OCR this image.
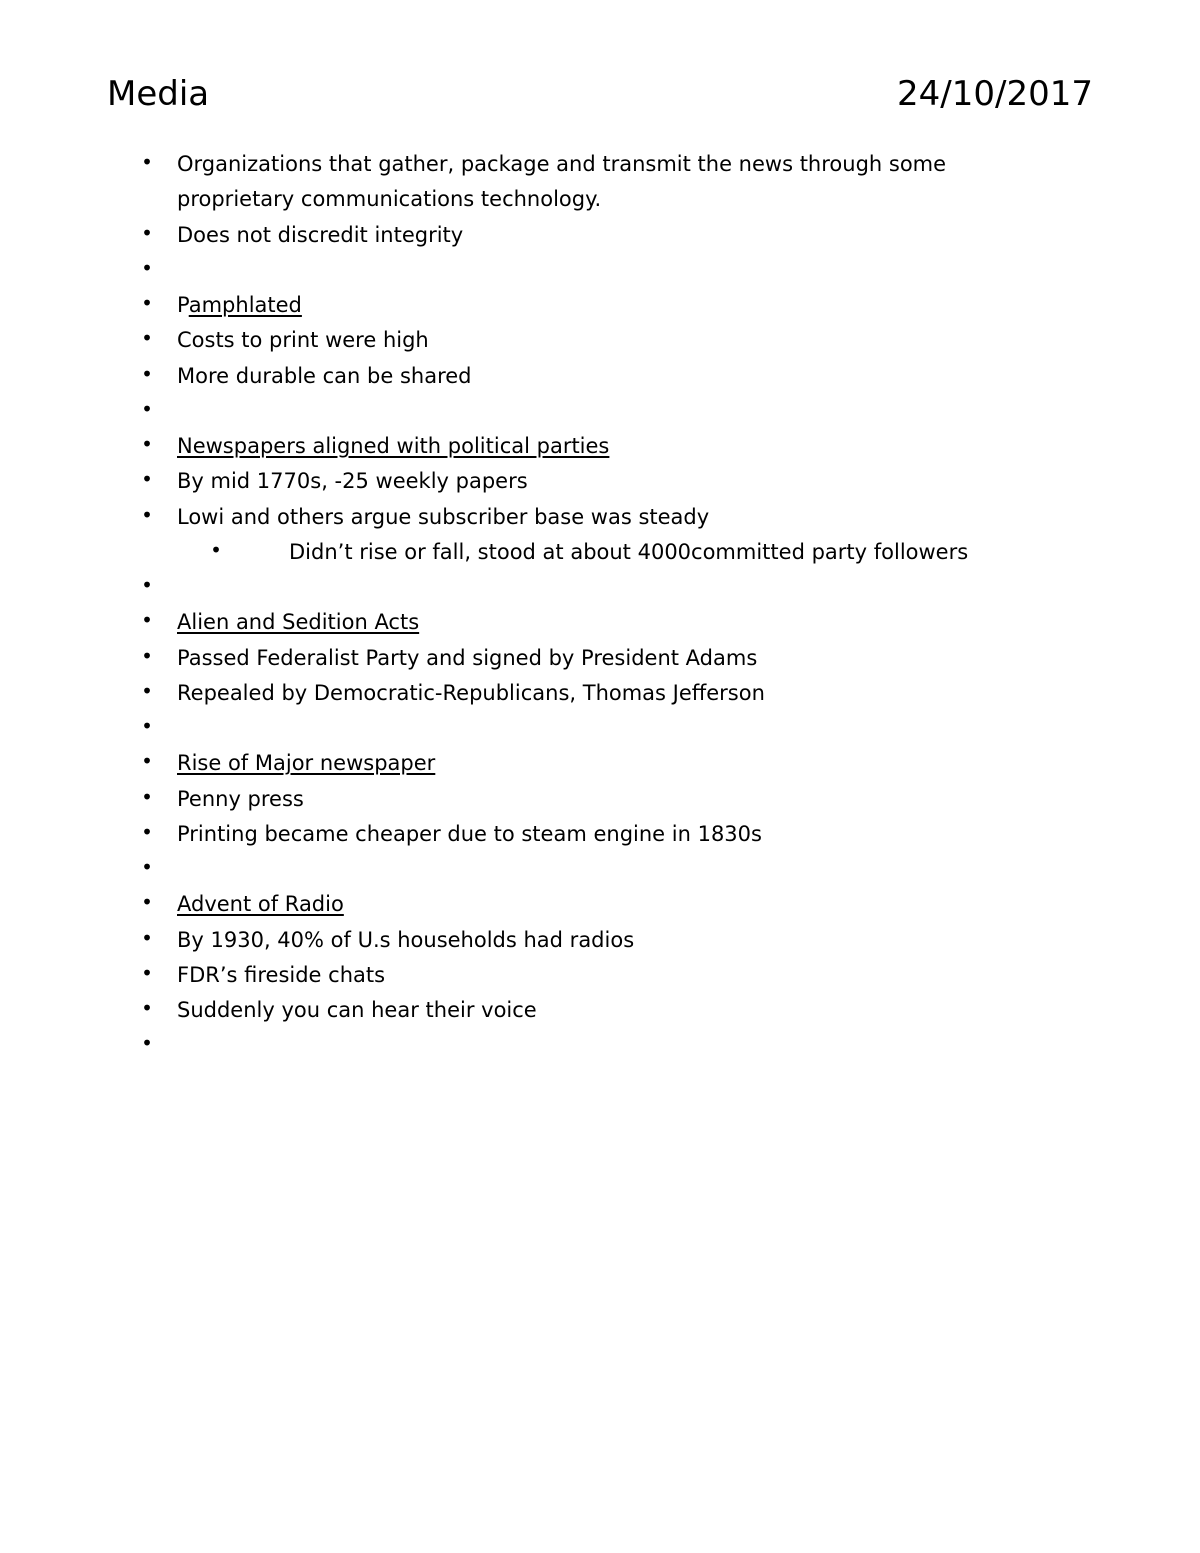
Media	24/10/2017
• Organizations that gather, package and transmit the news through some proprietary communications technology.
• Does not discredit integrity
•
• Pamphlated
• Costs to print were high
• More durable can be shared
•
• Newspapers aligned with political parties
• By mid 1770s, -25 weekly papers
• Lowi and others argue subscriber base was steady
•	Didn’t rise or fall, stood at about 4000committed party followers
•
• Alien and Sedition Acts
• Passed Federalist Party and signed by President Adams
• Repealed by Democratic-Republicans, Thomas Jefferson
•
• Rise of Major newspaper
• Penny press
• Printing became cheaper due to steam engine in 1830s
•
• Advent of Radio
• By 1930, 40% of U.s households had radios
• FDR’s fireside chats
• Suddenly you can hear their voice
•
